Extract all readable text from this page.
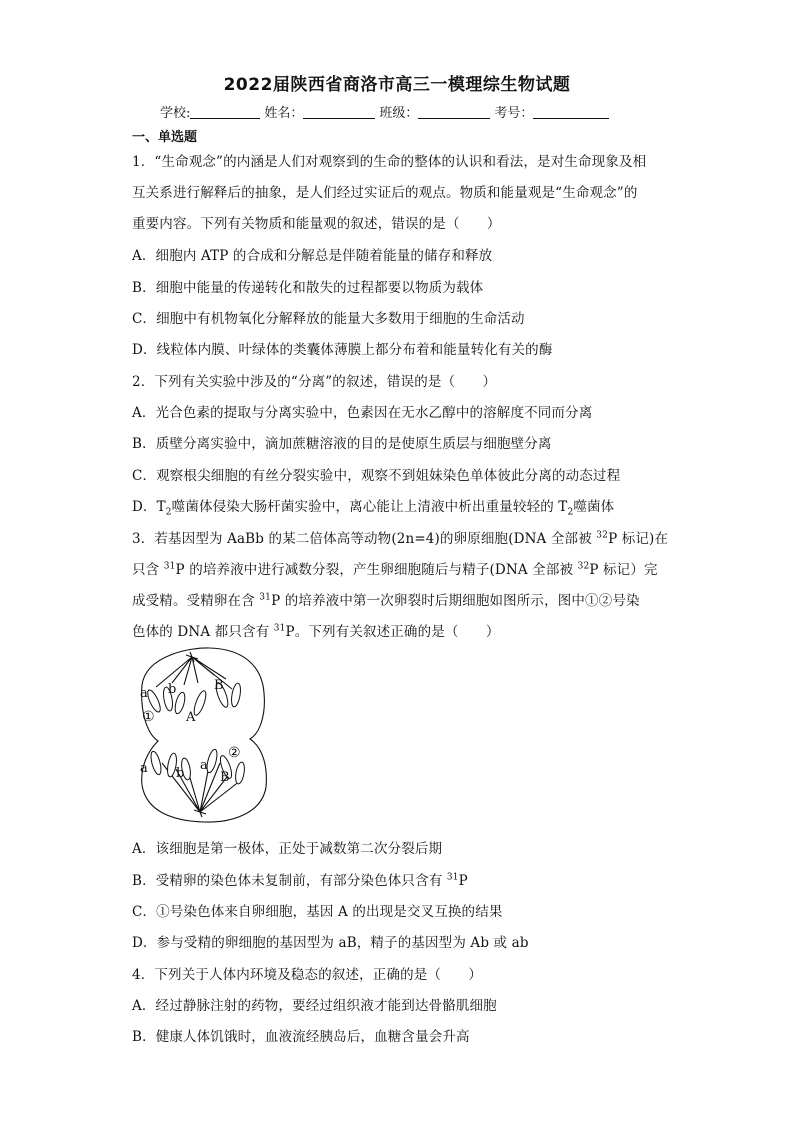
2022届陕西省商洛市高三一模理综生物试题
学校:	姓名：	班级：	考号：
一、单选题
1．“生命观念”的内涵是人们对观察到的生命的整体的认识和看法，是对生命现象及相
互关系进行解释后的抽象，是人们经过实证后的观点。物质和能量观是“生命观念”的
重要内容。下列有关物质和能量观的叙述，错误的是（　　）
A．细胞内 ATP 的合成和分解总是伴随着能量的储存和释放
B．细胞中能量的传递转化和散失的过程都要以物质为载体
C．细胞中有机物氧化分解释放的能量大多数用于细胞的生命活动
D．线粒体内膜、叶绿体的类囊体薄膜上都分布着和能量转化有关的酶
2．下列有关实验中涉及的“分离”的叙述，错误的是（　　）
A．光合色素的提取与分离实验中，色素因在无水乙醇中的溶解度不同而分离
B．质壁分离实验中，滴加蔗糖溶液的目的是使原生质层与细胞壁分离
C．观察根尖细胞的有丝分裂实验中，观察不到姐妹染色单体彼此分离的动态过程
D．$T_2$噬菌体侵染大肠杆菌实验中，离心能让上清液中析出重量较轻的 $T_2$噬菌体
3．若基因型为 AaBb 的某二倍体高等动物(2n=4)的卵原细胞(DNA 全部被 $^{32}$P 标记)在
只含 $^{31}$P 的培养液中进行减数分裂，产生卵细胞随后与精子(DNA 全部被 $^{32}$P 标记）完
成受精。受精卵在含 $^{31}$P 的培养液中第一次卵裂时后期细胞如图所示，图中①②号染
色体的 DNA 都只含有 $^{31}$P。下列有关叙述正确的是（　　）
a b	B
A
①
a b
a
B
②
A．该细胞是第一极体，正处于减数第二次分裂后期
B．受精卵的染色体未复制前，有部分染色体只含有 $^{31}$P
C．①号染色体来自卵细胞，基因 A 的出现是交叉互换的结果
D．参与受精的卵细胞的基因型为 aB，精子的基因型为 Ab 或 ab
4．下列关于人体内环境及稳态的叙述，正确的是（　　）
A．经过静脉注射的药物，要经过组织液才能到达骨骼肌细胞
B．健康人体饥饿时，血液流经胰岛后，血糖含量会升高
